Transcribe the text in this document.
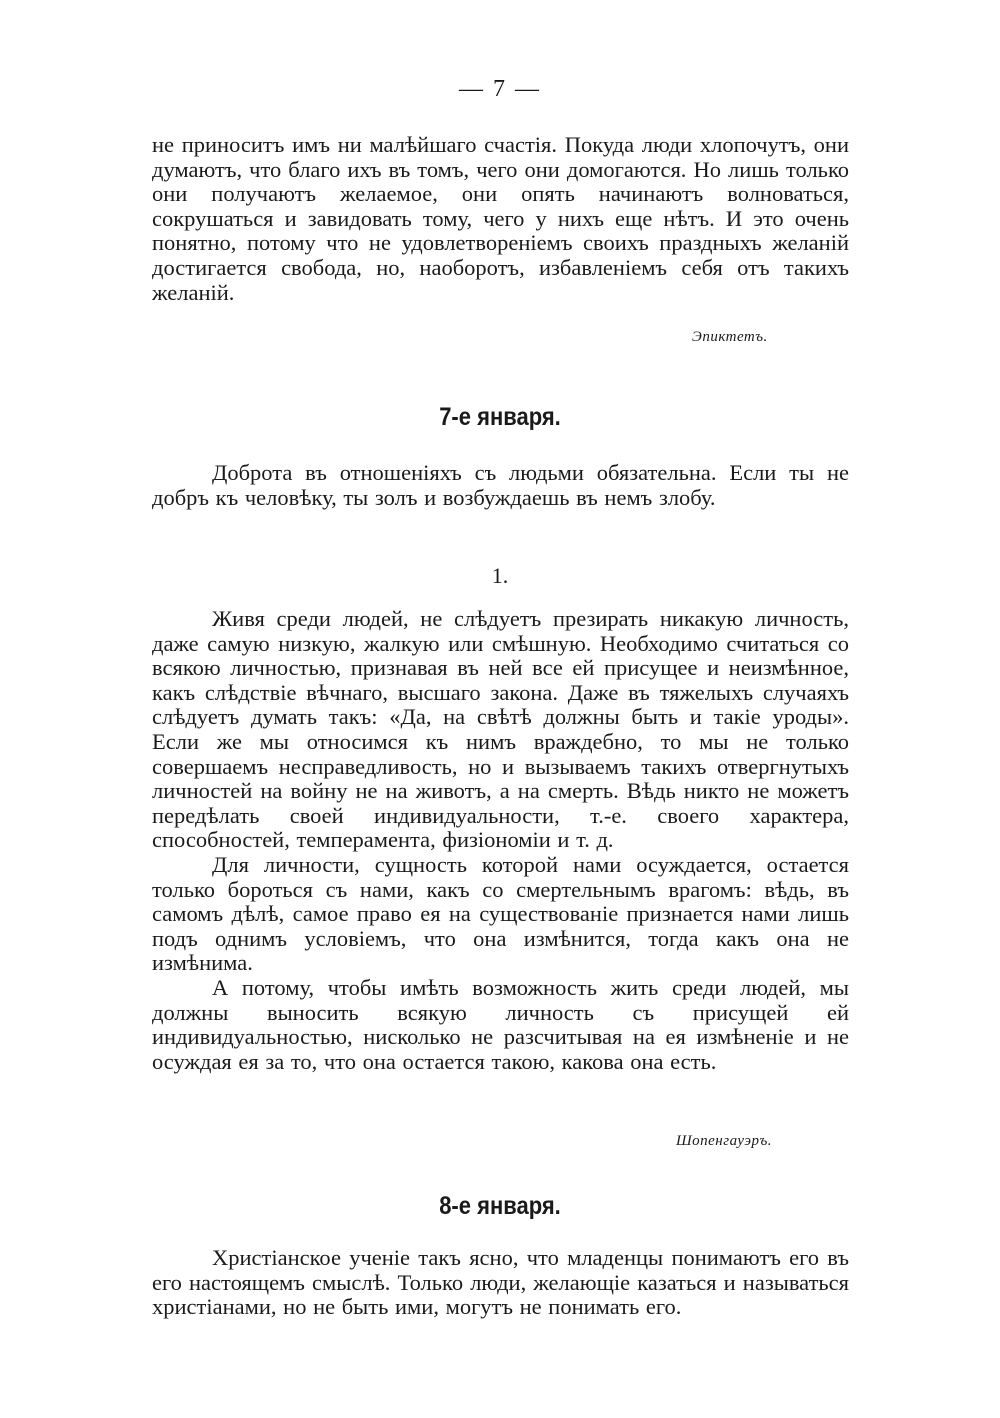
— 7 —

не приноситъ имъ ни малѣйшаго счастія. Покуда люди хлопочутъ, они думаютъ, что благо ихъ въ томъ, чего они домогаются. Но лишь только они получаютъ желаемое, они опять начинаютъ волноваться, сокрушаться и завидовать тому, чего у нихъ еще нѣтъ. И это очень понятно, потому что не удовлетвореніемъ своихъ праздныхъ желаній достигается свобода, но, наоборотъ, избавленіемъ себя отъ такихъ желаній.

Эпиктетъ.
7-е января.

Доброта въ отношеніяхъ съ людьми обязательна. Если ты не добръ къ человѣку, ты золъ и возбуждаешь въ немъ злобу.

1.

Живя среди людей, не слѣдуетъ презирать никакую личность, даже самую низкую, жалкую или смѣшную. Необходимо считаться со всякою личностью, признавая въ ней все ей присущее и неизмѣнное, какъ слѣдствіе вѣчнаго, высшаго закона. Даже въ тяжелыхъ случаяхъ слѣдуетъ думать такъ: «Да, на свѣтѣ должны быть и такіе уроды». Если же мы относимся къ нимъ враждебно, то мы не только совершаемъ несправедливость, но и вызываемъ такихъ отвергнутыхъ личностей на войну не на животъ, а на смерть. Вѣдь никто не можетъ передѣлать своей индивидуальности, т.-е. своего характера, способностей, темперамента, физіономіи и т. д.

Для личности, сущность которой нами осуждается, остается только бороться съ нами, какъ со смертельнымъ врагомъ: вѣдь, въ самомъ дѣлѣ, самое право ея на существованіе признается нами лишь подъ однимъ условіемъ, что она измѣнится, тогда какъ она не измѣнима.

А потому, чтобы имѣть возможность жить среди людей, мы должны выносить всякую личность съ присущей ей индивидуальностью, нисколько не разсчитывая на ея измѣненіе и не осуждая ея за то, что она остается такою, какова она есть.

Шопенгауэръ.
8-е января.

Христіанское ученіе такъ ясно, что младенцы понимаютъ его въ его настоящемъ смыслѣ. Только люди, желающіе казаться и называться христіанами, но не быть ими, могутъ не понимать его.
